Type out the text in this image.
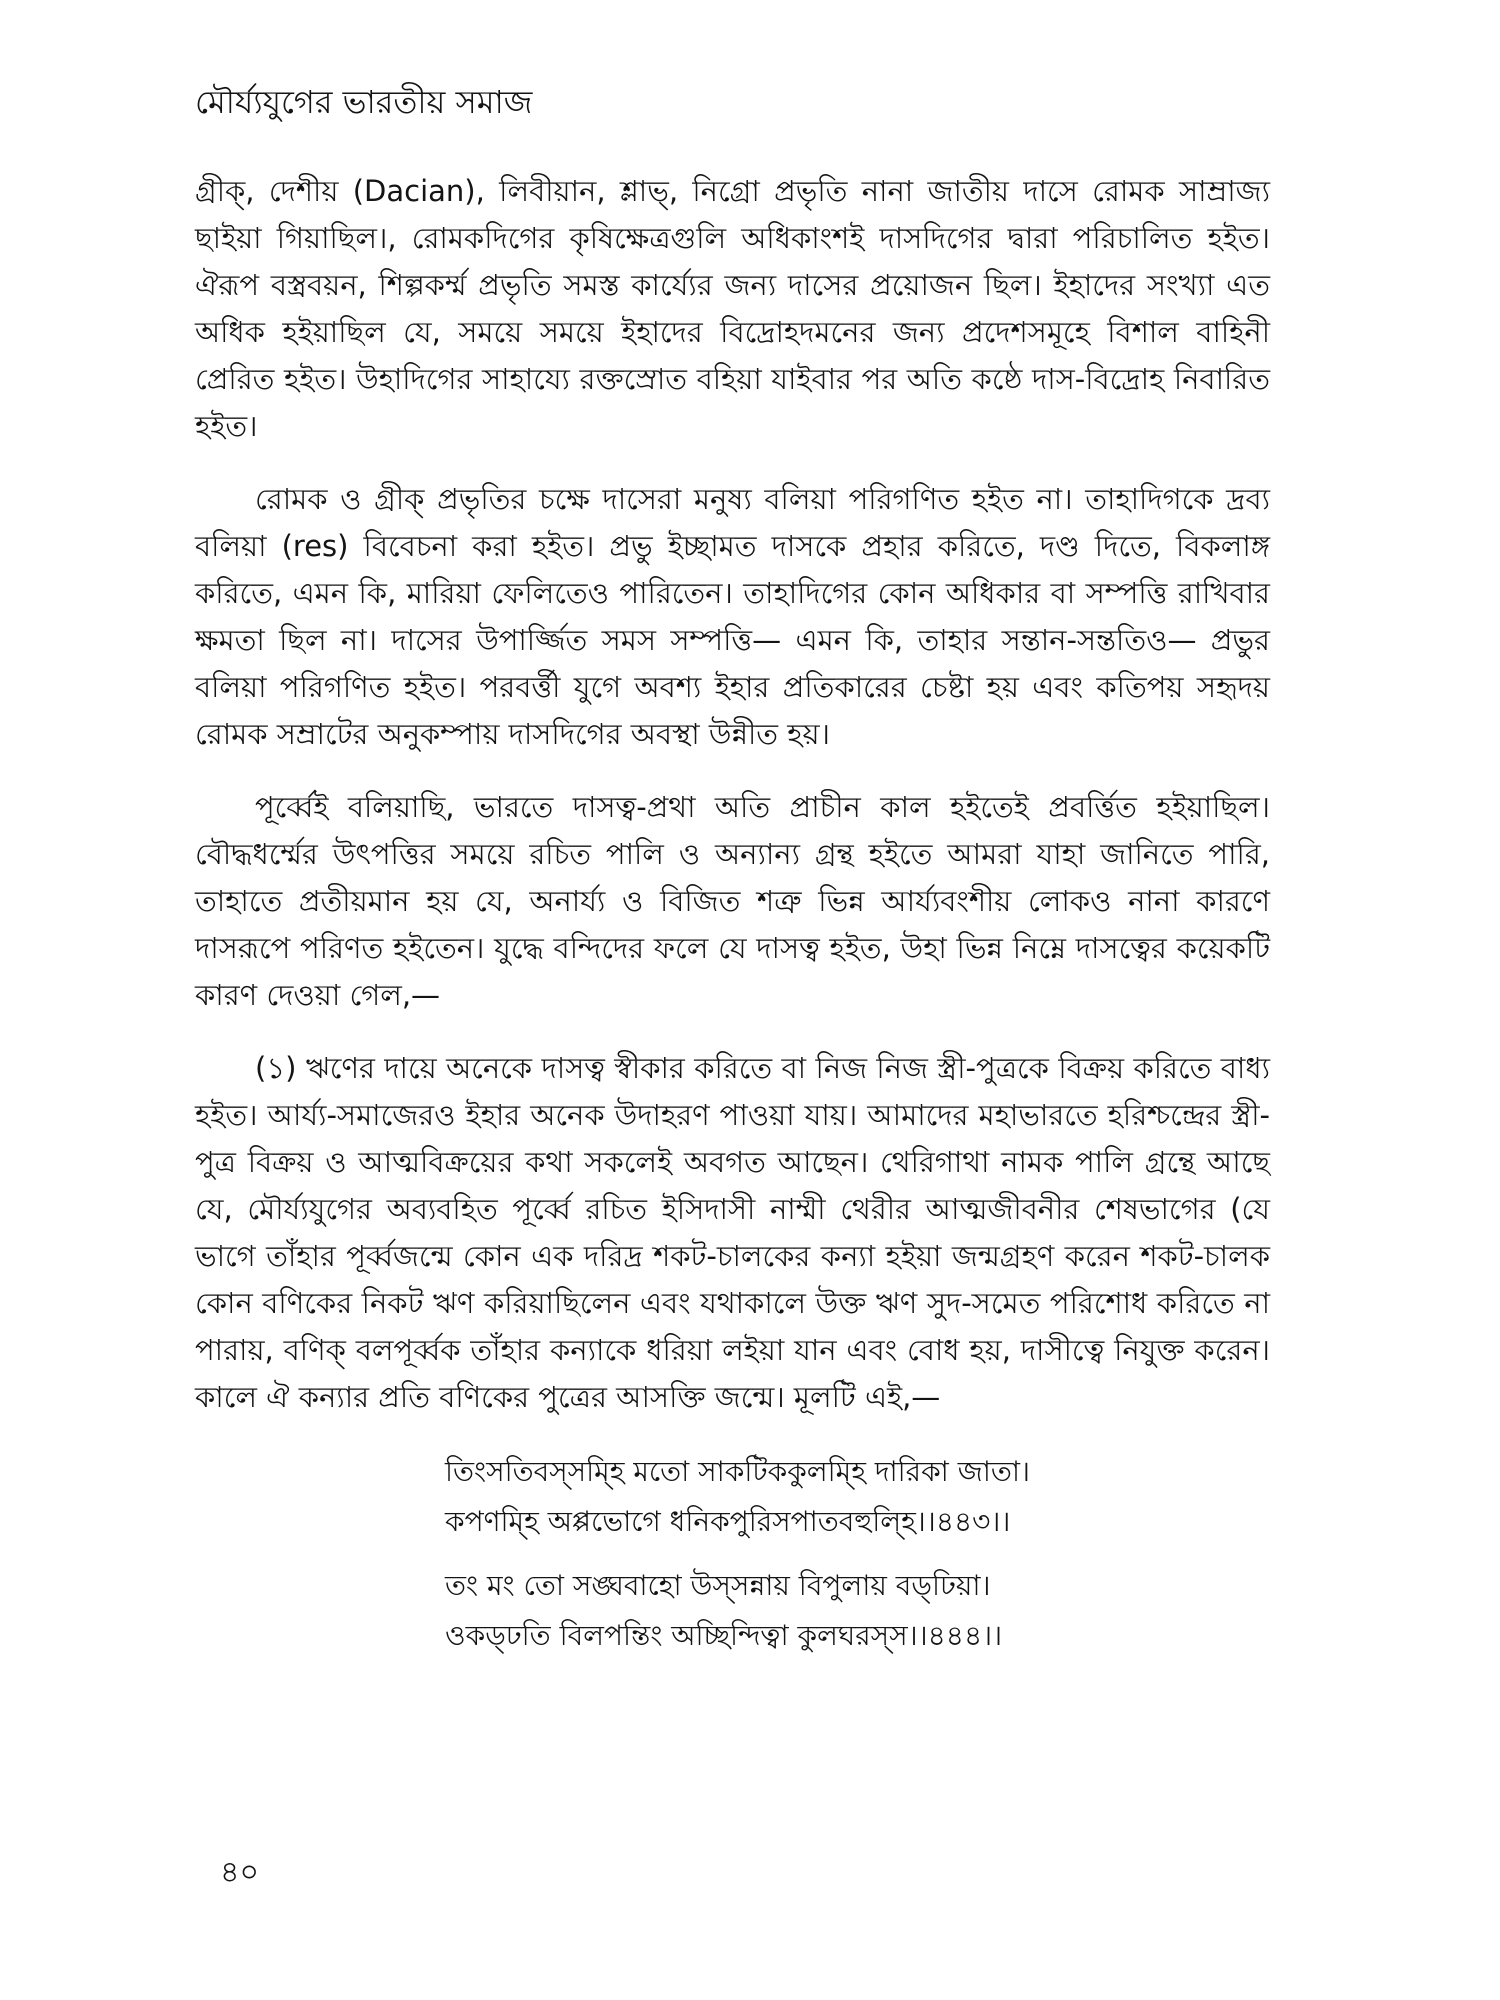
মৌর্য্যযুগের ভারতীয় সমাজ

গ্রীক্, দেশীয় (Dacian), লিবীয়ান, শ্লাভ্, নিগ্রো প্রভৃতি নানা জাতীয় দাসে রোমক সাম্রাজ্য ছাইয়া গিয়াছিল।, রোমকদিগের কৃষিক্ষেত্রগুলি অধিকাংশই দাসদিগের দ্বারা পরিচালিত হইত। ঐরূপ বস্ত্রবয়ন, শিল্পকর্ম্ম প্রভৃতি সমস্ত কার্য্যের জন্য দাসের প্রয়োজন ছিল। ইহাদের সংখ্যা এত অধিক হইয়াছিল যে, সময়ে সময়ে ইহাদের বিদ্রোহদমনের জন্য প্রদেশসমূহে বিশাল বাহিনী প্রেরিত হইত। উহাদিগের সাহায্যে রক্তস্রোত বহিয়া যাইবার পর অতি কষ্ঠে দাস-বিদ্রোহ নিবারিত হইত।

রোমক ও গ্রীক্ প্রভৃতির চক্ষে দাসেরা মনুষ্য বলিয়া পরিগণিত হইত না। তাহাদিগকে দ্রব্য বলিয়া (res) বিবেচনা করা হইত। প্রভু ইচ্ছামত দাসকে প্রহার করিতে, দণ্ড দিতে, বিকলাঙ্গ করিতে, এমন কি, মারিয়া ফেলিতেও পারিতেন। তাহাদিগের কোন অধিকার বা সম্পত্তি রাখিবার ক্ষমতা ছিল না। দাসের উপার্জ্জিত সমস সম্পত্তি— এমন কি, তাহার সন্তান-সন্ততিও— প্রভুর বলিয়া পরিগণিত হইত। পরবর্ত্তী যুগে অবশ্য ইহার প্রতিকারের চেষ্টা হয় এবং কতিপয় সহৃদয় রোমক সম্রাটের অনুকম্পায় দাসদিগের অবস্থা উন্নীত হয়।

পূর্ব্বেই বলিয়াছি, ভারতে দাসত্ব-প্রথা অতি প্রাচীন কাল হইতেই প্রবর্ত্তিত হইয়াছিল। বৌদ্ধধর্ম্মের উৎপত্তির সময়ে রচিত পালি ও অন্যান্য গ্রন্থ হইতে আমরা যাহা জানিতে পারি, তাহাতে প্রতীয়মান হয় যে, অনার্য্য ও বিজিত শত্রু ভিন্ন আর্য্যবংশীয় লোকও নানা কারণে দাসরূপে পরিণত হইতেন। যুদ্ধে বন্দিদের ফলে যে দাসত্ব হইত, উহা ভিন্ন নিম্নে দাসত্বের কয়েকটি কারণ দেওয়া গেল,—

(১) ঋণের দায়ে অনেকে দাসত্ব স্বীকার করিতে বা নিজ নিজ স্ত্রী-পুত্রকে বিক্রয় করিতে বাধ্য হইত। আর্য্য-সমাজেরও ইহার অনেক উদাহরণ পাওয়া যায়। আমাদের মহাভারতে হরিশ্চন্দ্রের স্ত্রী-পুত্র বিক্রয় ও আত্মবিক্রয়ের কথা সকলেই অবগত আছেন। থেরিগাথা নামক পালি গ্রন্থে আছে যে, মৌর্য্যযুগের অব্যবহিত পূর্ব্বে রচিত ইসিদাসী নাম্মী থেরীর আত্মজীবনীর শেষভাগের (যে ভাগে তাঁহার পূর্ব্বজন্মে কোন এক দরিদ্র শকট-চালকের কন্যা হইয়া জন্মগ্রহণ করেন শকট-চালক কোন বণিকের নিকট ঋণ করিয়াছিলেন এবং যথাকালে উক্ত ঋণ সুদ-সমেত পরিশোধ করিতে না পারায়, বণিক্ বলপূর্ব্বক তাঁহার কন্যাকে ধরিয়া লইয়া যান এবং বোধ হয়, দাসীত্বে নিযুক্ত করেন। কালে ঐ কন্যার প্রতি বণিকের পুত্রের আসক্তি জন্মে। মূলটি এই,—

তিংসতিবস্সম্হি মতো সাকটিককুলম্হি দারিকা জাতা।
কপণম্হি অপ্পভোগে ধনিকপুরিসপাতবহুল্হি।।৪৪৩।।
তং মং তো সঙ্ঘবাহো উস্সন্নায় বিপুলায় বড্‌ঢিয়া।
ওকড্‌ঢতি বিলপন্তিং অচ্ছিন্দিত্বা কুলঘরস্স।।৪৪৪।।
৪০
